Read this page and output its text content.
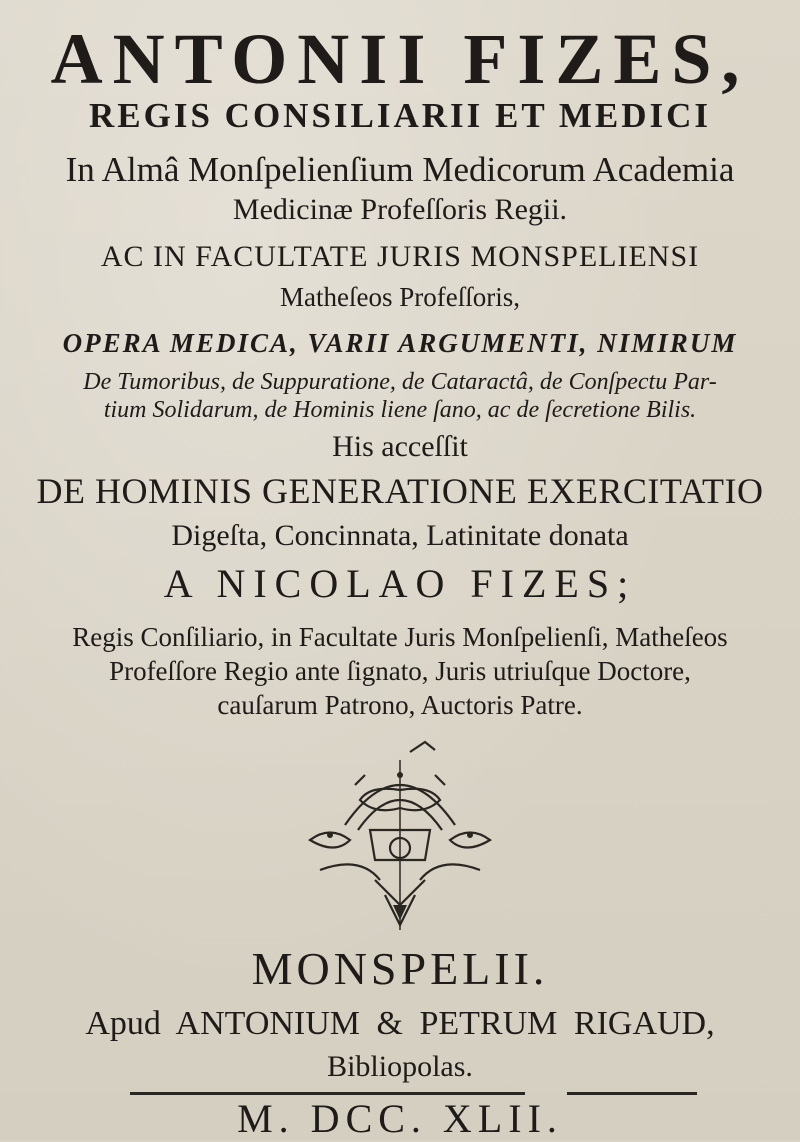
ANTONII FIZES,
REGIS CONSILIARII ET MEDICI
In Almâ Monſpelienſium Medicorum Academia
Medicinæ Profeſſoris Regii.
AC IN FACULTATE JURIS MONSPELIENSI
Matheſeos Profeſſoris,
OPERA MEDICA, VARII ARGUMENTI, NIMIRUM
De Tumoribus, de Suppuratione, de Cataractâ, de Conſpectu Par-
tium Solidarum, de Hominis liene ſano, ac de ſecretione Bilis.
His acceſſit
DE HOMINIS GENERATIONE EXERCITATIO
Digeſta, Concinnata, Latinitate donata
A NICOLAO FIZES;
Regis Conſiliario, in Facultate Juris Monſpelienſi, Matheſeos
Profeſſore Regio ante ſignato, Juris utriuſque Doctore,
cauſarum Patrono, Auctoris Patre.
MONSPELII.
Apud ANTONIUM & PETRUM RIGAUD,
Bibliopolas.
M. DCC. XLII.
